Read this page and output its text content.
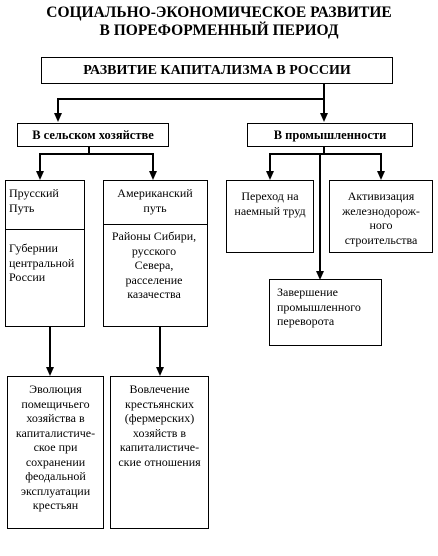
СОЦИАЛЬНО-ЭКОНОМИЧЕСКОЕ РАЗВИТИЕ
В ПОРЕФОРМЕННЫЙ ПЕРИОД
РАЗВИТИЕ КАПИТАЛИЗМА В РОССИИ
В сельском хозяйстве	В промышленности
Прусский Путь
Губернии центральной России
Американский путь
Районы Сибири, русского Севера, расселение казачества
Эволюция помещичьего хозяйства в капиталистиче-ское при сохранении феодальной эксплуатации крестьян
Вовлечение крестьянских (фермерских) хозяйств в капиталистиче-ские отношения
Переход на наемный труд
Активизация железнодорож-ного строительства
Завершение промышленного переворота
